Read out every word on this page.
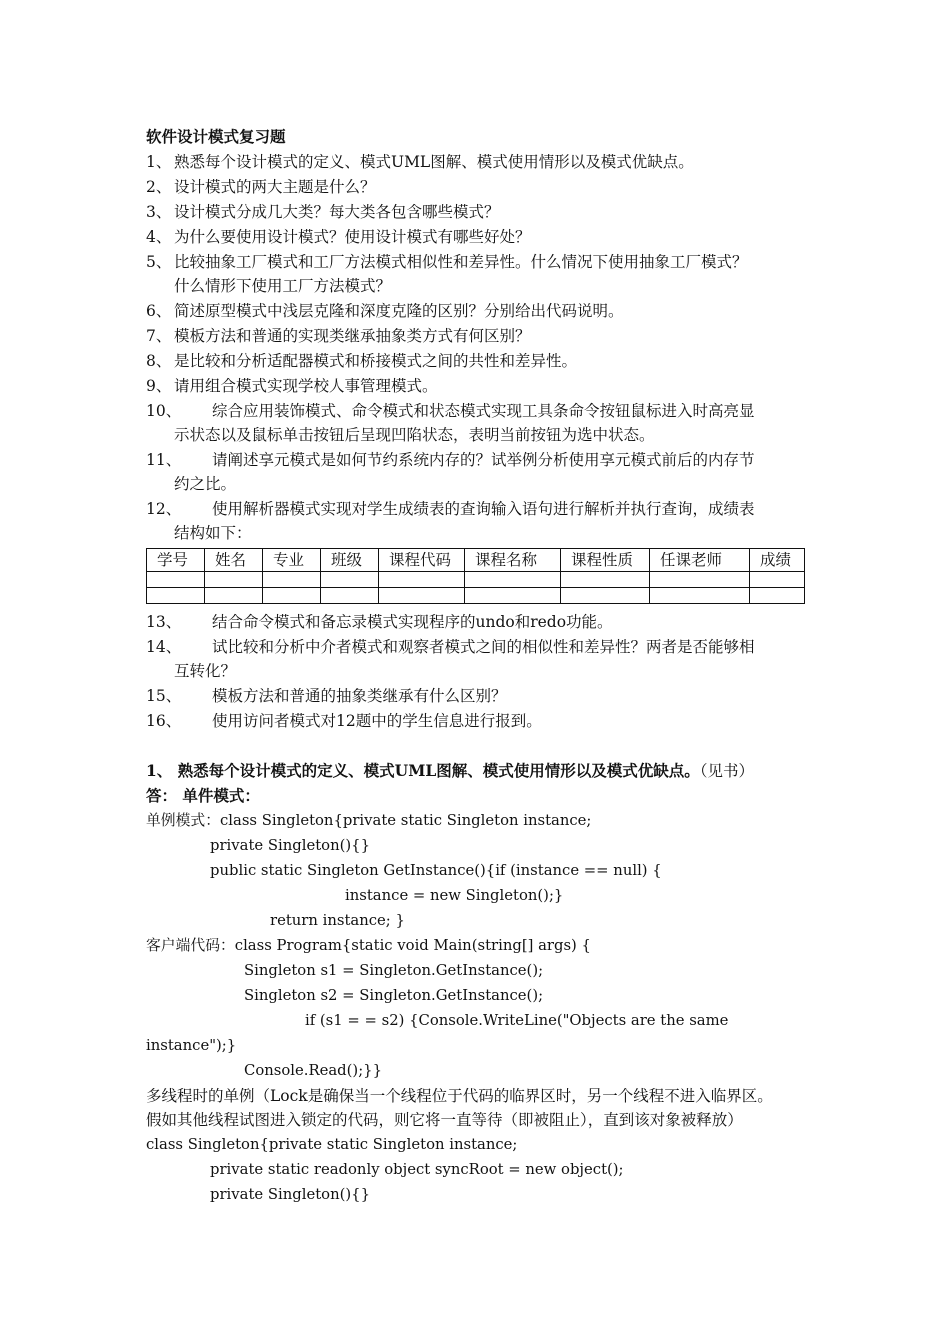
软件设计模式复习题
1、 熟悉每个设计模式的定义、模式UML图解、模式使用情形以及模式优缺点。
2、 设计模式的两大主题是什么？
3、 设计模式分成几大类？每大类各包含哪些模式？
4、 为什么要使用设计模式？使用设计模式有哪些好处？
5、 比较抽象工厂模式和工厂方法模式相似性和差异性。什么情况下使用抽象工厂模式？
什么情形下使用工厂方法模式？
6、 简述原型模式中浅层克隆和深度克隆的区别？分别给出代码说明。
7、 模板方法和普通的实现类继承抽象类方式有何区别？
8、 是比较和分析适配器模式和桥接模式之间的共性和差异性。
9、 请用组合模式实现学校人事管理模式。
10、 综合应用装饰模式、命令模式和状态模式实现工具条命令按钮鼠标进入时高亮显
示状态以及鼠标单击按钮后呈现凹陷状态，表明当前按钮为选中状态。
11、 请阐述享元模式是如何节约系统内存的？试举例分析使用享元模式前后的内存节
约之比。
12、 使用解析器模式实现对学生成绩表的查询输入语句进行解析并执行查询，成绩表
结构如下：
学号	姓名	专业	班级	课程代码	课程名称	课程性质	任课老师	成绩

13、 结合命令模式和备忘录模式实现程序的undo和redo功能。
14、 试比较和分析中介者模式和观察者模式之间的相似性和差异性？两者是否能够相
互转化？
15、 模板方法和普通的抽象类继承有什么区别？
16、 使用访问者模式对12题中的学生信息进行报到。
1、 熟悉每个设计模式的定义、模式UML图解、模式使用情形以及模式优缺点。（见书）
答： 单件模式：
单例模式：class Singleton{private static Singleton instance;
private Singleton(){}
public static Singleton GetInstance(){if (instance == null) {
instance = new Singleton();}
return instance; }
客户端代码：class Program{static void Main(string[] args) {
Singleton s1 = Singleton.GetInstance();
Singleton s2 = Singleton.GetInstance();
if (s1 = = s2) {Console.WriteLine("Objects are the same
instance");}
Console.Read();}}
多线程时的单例（Lock是确保当一个线程位于代码的临界区时，另一个线程不进入临界区。
假如其他线程试图进入锁定的代码，则它将一直等待（即被阻止），直到该对象被释放）
class Singleton{private static Singleton instance;
private static readonly object syncRoot = new object();
private Singleton(){}
